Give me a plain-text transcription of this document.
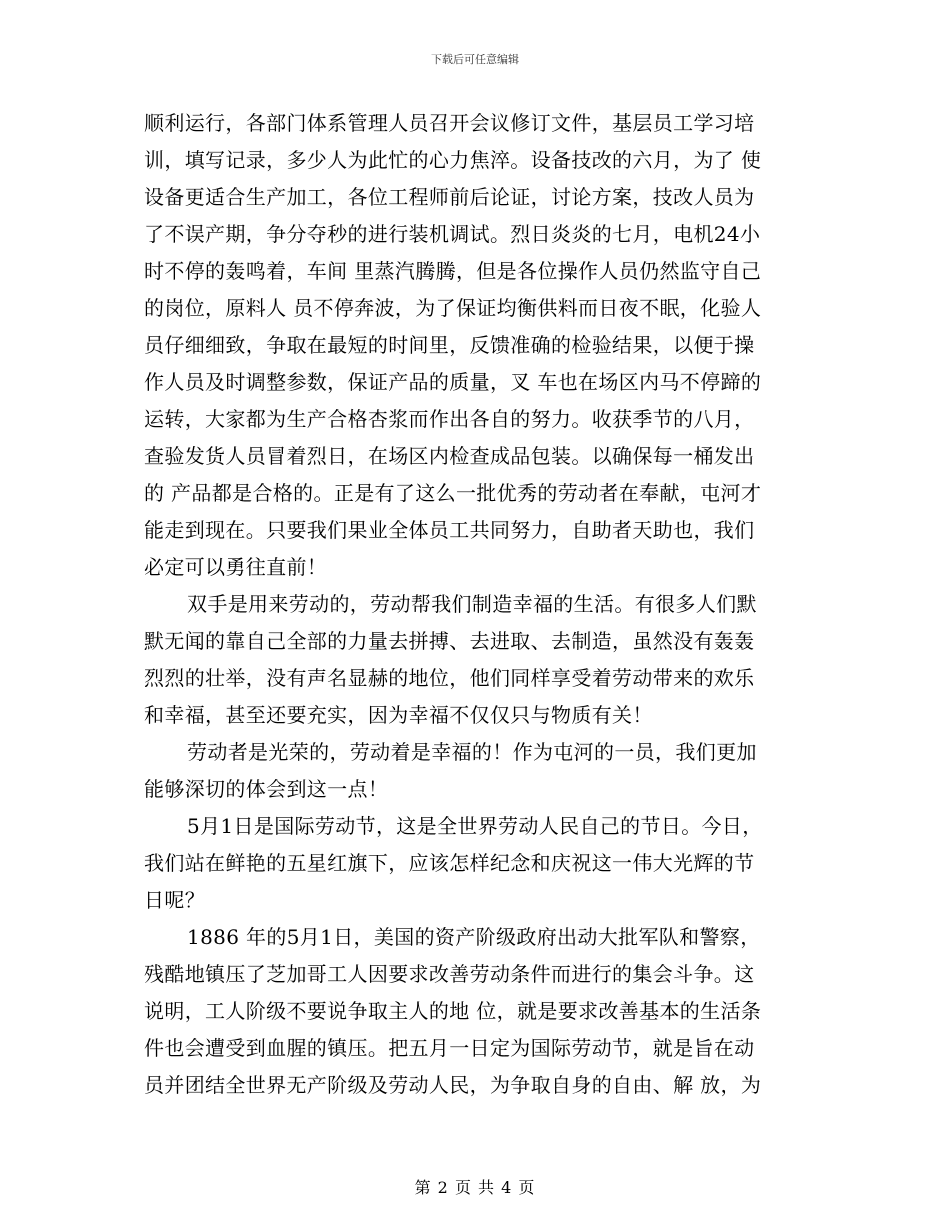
下载后可任意编辑
顺利运行，各部门体系管理人员召开会议修订文件，基层员工学习培
训，填写记录，多少人为此忙的心力焦淬。设备技改的六月，为了 使
设备更适合生产加工，各位工程师前后论证，讨论方案，技改人员为
了不误产期，争分夺秒的进行装机调试。烈日炎炎的七月，电机24小
时不停的轰鸣着，车间 里蒸汽腾腾，但是各位操作人员仍然监守自己
的岗位，原料人 员不停奔波，为了保证均衡供料而日夜不眠，化验人
员仔细细致，争取在最短的时间里，反馈准确的检验结果，以便于操
作人员及时调整参数，保证产品的质量，叉 车也在场区内马不停蹄的
运转，大家都为生产合格杏浆而作出各自的努力。收获季节的八月，
查验发货人员冒着烈日，在场区内检查成品包装。以确保每一桶发出
的 产品都是合格的。正是有了这么一批优秀的劳动者在奉献，屯河才
能走到现在。只要我们果业全体员工共同努力，自助者天助也，我们
必定可以勇往直前！
双手是用来劳动的，劳动帮我们制造幸福的生活。有很多人们默
默无闻的靠自己全部的力量去拼搏、去进取、去制造，虽然没有轰轰
烈烈的壮举，没有声名显赫的地位，他们同样享受着劳动带来的欢乐
和幸福，甚至还要充实，因为幸福不仅仅只与物质有关！
劳动者是光荣的，劳动着是幸福的！作为屯河的一员，我们更加
能够深切的体会到这一点！
5月1日是国际劳动节，这是全世界劳动人民自己的节日。今日，
我们站在鲜艳的五星红旗下，应该怎样纪念和庆祝这一伟大光辉的节
日呢？
1886 年的5月1日，美国的资产阶级政府出动大批军队和警察，
残酷地镇压了芝加哥工人因要求改善劳动条件而进行的集会斗争。这
说明，工人阶级不要说争取主人的地 位，就是要求改善基本的生活条
件也会遭受到血腥的镇压。把五月一日定为国际劳动节，就是旨在动
员并团结全世界无产阶级及劳动人民，为争取自身的自由、解 放，为
第 2 页 共 4 页
